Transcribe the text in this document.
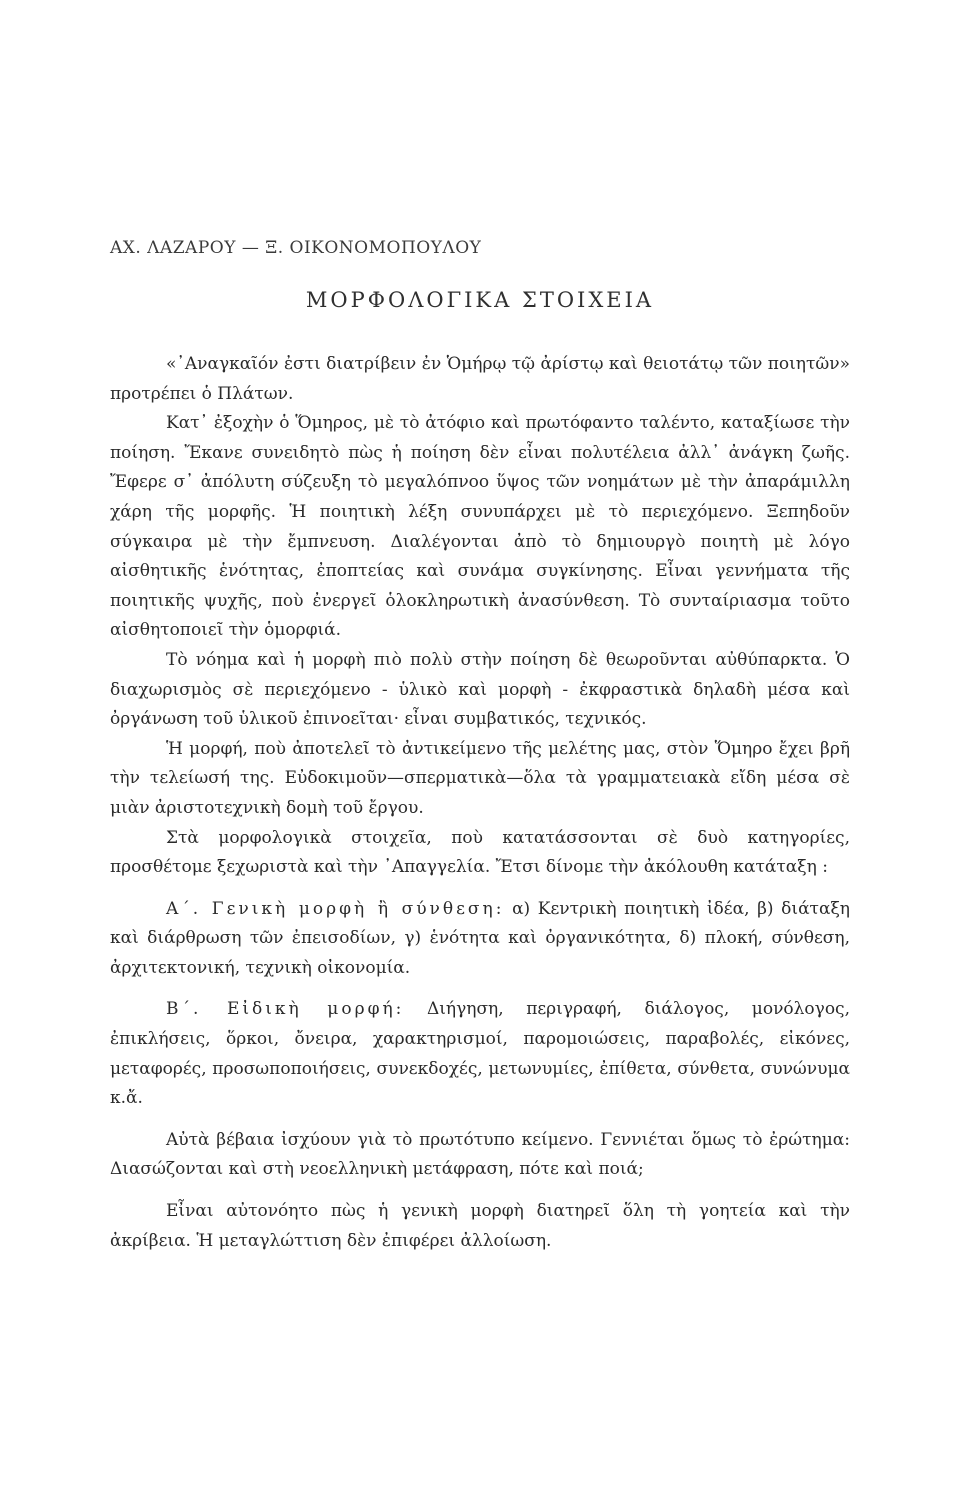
ΑΧ. ΛΑΖΑΡΟΥ — Ξ. ΟΙΚΟΝΟΜΟΠΟΥΛΟΥ
ΜΟΡΦΟΛΟΓΙΚΑ ΣΤΟΙΧΕΙΑ

«᾿Αναγκαῖόν ἐστι διατρίβειν ἐν Ὁμήρῳ τῷ ἀρίστῳ καὶ θειοτάτῳ τῶν ποιητῶν» προτρέπει ὁ Πλάτων.

Κατ᾿ ἐξοχὴν ὁ Ὅμηρος, μὲ τὸ ἀτόφιο καὶ πρωτόφαντο ταλέντο, καταξίωσε τὴν ποίηση. Ἔκανε συνειδητὸ πὼς ἡ ποίηση δὲν εἶναι πολυτέλεια ἀλλ᾿ ἀνάγκη ζωῆς. Ἔφερε σ᾿ ἀπόλυτη σύζευξη τὸ μεγαλόπνοο ὕψος τῶν νοημάτων μὲ τὴν ἀπαράμιλλη χάρη τῆς μορφῆς. Ἡ ποιητικὴ λέξη συνυπάρχει μὲ τὸ περιεχόμενο. Ξεπηδοῦν σύγκαιρα μὲ τὴν ἔμπνευση. Διαλέγονται ἀπὸ τὸ δημιουργὸ ποιητὴ μὲ λόγο αἰσθητικῆς ἑνότητας, ἐποπτείας καὶ συνάμα συγκίνησης. Εἶναι γεννήματα τῆς ποιητικῆς ψυχῆς, ποὺ ἐνεργεῖ ὁλοκληρωτικὴ ἀνασύνθεση. Τὸ συνταίριασμα τοῦτο αἰσθητοποιεῖ τὴν ὁμορφιά.

Τὸ νόημα καὶ ἡ μορφὴ πιὸ πολὺ στὴν ποίηση δὲ θεωροῦνται αὐθύπαρκτα. Ὁ διαχωρισμὸς σὲ περιεχόμενο - ὑλικὸ καὶ μορφὴ - ἐκφραστικὰ δηλαδὴ μέσα καὶ ὀργάνωση τοῦ ὑλικοῦ ἐπινοεῖται· εἶναι συμβατικός, τεχνικός.

Ἡ μορφή, ποὺ ἀποτελεῖ τὸ ἀντικείμενο τῆς μελέτης μας, στὸν Ὅμηρο ἔχει βρῆ τὴν τελείωσή της. Εὐδοκιμοῦν—σπερματικὰ—ὅλα τὰ γραμματειακὰ εἴδη μέσα σὲ μιὰν ἀριστοτεχνικὴ δομὴ τοῦ ἔργου.

Στὰ μορφολογικὰ στοιχεῖα, ποὺ κατατάσσονται σὲ δυὸ κατηγορίες, προσθέτομε ξεχωριστὰ καὶ τὴν ᾿Απαγγελία. Ἔτσι δίνομε τὴν ἀκόλουθη κατάταξη :

Α΄. Γενικὴ μορφὴ ἢ σύνθεση: α) Κεντρικὴ ποιητικὴ ἰδέα, β) διάταξη καὶ διάρθρωση τῶν ἐπεισοδίων, γ) ἑνότητα καὶ ὀργανικότητα, δ) πλοκή, σύνθεση, ἀρχιτεκτονική, τεχνικὴ οἰκονομία.

Β΄. Εἰδικὴ μορφή: Διήγηση, περιγραφή, διάλογος, μονόλογος, ἐπικλήσεις, ὅρκοι, ὄνειρα, χαρακτηρισμοί, παρομοιώσεις, παραβολές, εἰκόνες, μεταφορές, προσωποποιήσεις, συνεκδοχές, μετωνυμίες, ἐπίθετα, σύνθετα, συνώνυμα κ.ἄ.

Αὐτὰ βέβαια ἰσχύουν γιὰ τὸ πρωτότυπο κείμενο. Γεννιέται ὅμως τὸ ἐρώτημα: Διασώζονται καὶ στὴ νεοελληνικὴ μετάφραση, πότε καὶ ποιά;

Εἶναι αὐτονόητο πὼς ἡ γενικὴ μορφὴ διατηρεῖ ὅλη τὴ γοητεία καὶ τὴν ἀκρίβεια. Ἡ μεταγλώττιση δὲν ἐπιφέρει ἀλλοίωση.
